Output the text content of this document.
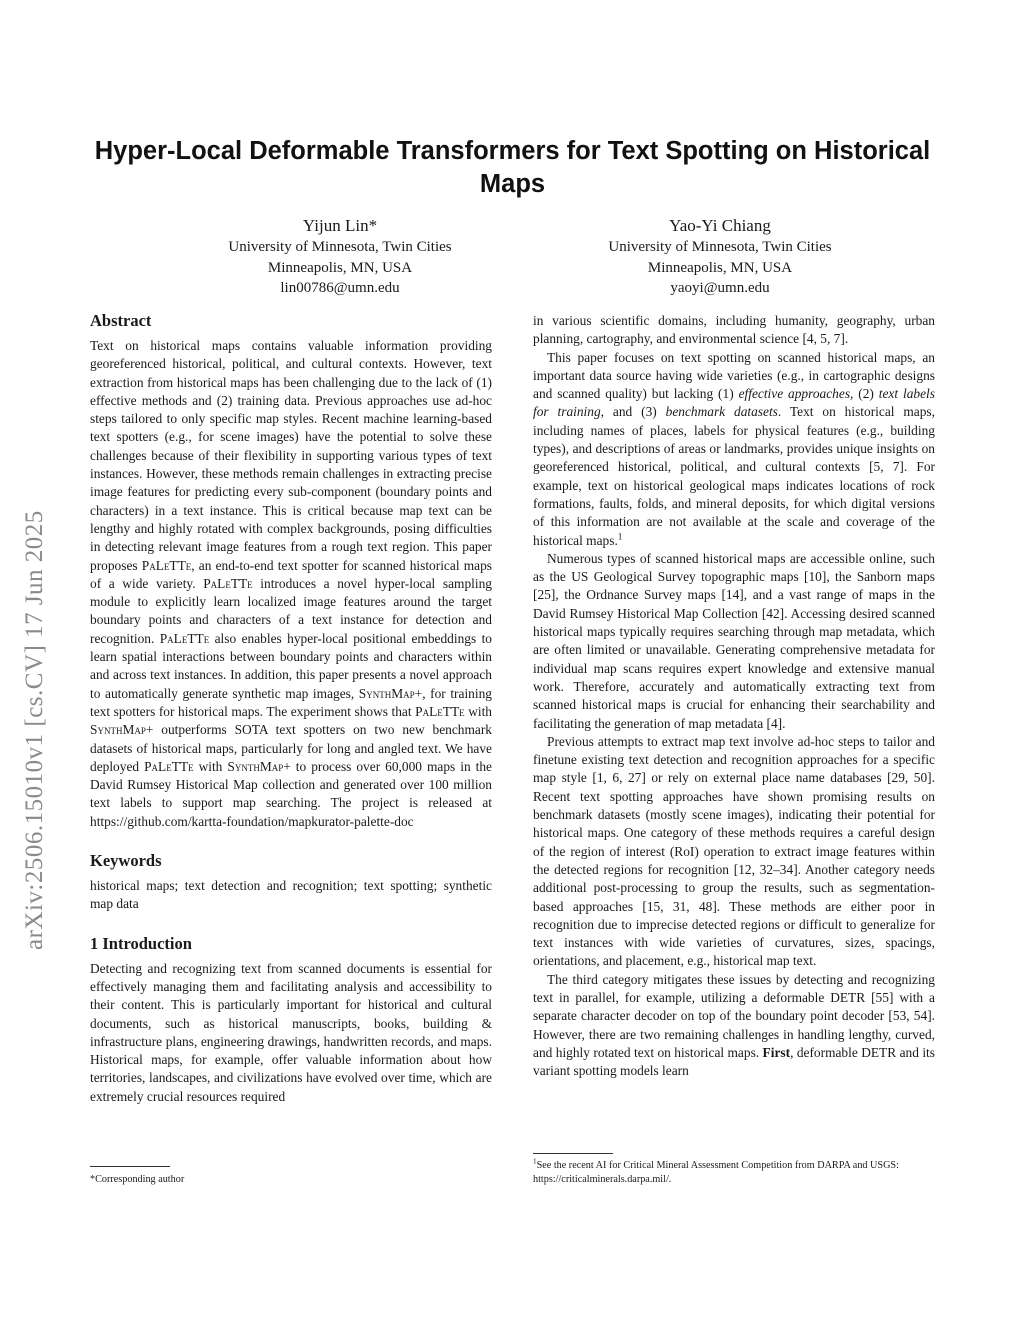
arXiv:2506.15010v1 [cs.CV] 17 Jun 2025
Hyper-Local Deformable Transformers for Text Spotting on Historical Maps
Yijun Lin*
University of Minnesota, Twin Cities
Minneapolis, MN, USA
lin00786@umn.edu
Yao-Yi Chiang
University of Minnesota, Twin Cities
Minneapolis, MN, USA
yaoyi@umn.edu
Abstract

Text on historical maps contains valuable information providing georeferenced historical, political, and cultural contexts. However, text extraction from historical maps has been challenging due to the lack of (1) effective methods and (2) training data. Previous approaches use ad-hoc steps tailored to only specific map styles. Recent machine learning-based text spotters (e.g., for scene images) have the potential to solve these challenges because of their flexibility in supporting various types of text instances. However, these methods remain challenges in extracting precise image features for predicting every sub-component (boundary points and characters) in a text instance. This is critical because map text can be lengthy and highly rotated with complex backgrounds, posing difficulties in detecting relevant image features from a rough text region. This paper proposes PaLeTTe, an end-to-end text spotter for scanned historical maps of a wide variety. PaLeTTe introduces a novel hyper-local sampling module to explicitly learn localized image features around the target boundary points and characters of a text instance for detection and recognition. PaLeTTe also enables hyper-local positional embeddings to learn spatial interactions between boundary points and characters within and across text instances. In addition, this paper presents a novel approach to automatically generate synthetic map images, SynthMap+, for training text spotters for historical maps. The experiment shows that PaLeTTe with SynthMap+ outperforms SOTA text spotters on two new benchmark datasets of historical maps, particularly for long and angled text. We have deployed PaLeTTe with SynthMap+ to process over 60,000 maps in the David Rumsey Historical Map collection and generated over 100 million text labels to support map searching. The project is released at https://github.com/kartta-foundation/mapkurator-palette-doc

Keywords

historical maps; text detection and recognition; text spotting; synthetic map data

1 Introduction

Detecting and recognizing text from scanned documents is essential for effectively managing them and facilitating analysis and accessibility to their content. This is particularly important for historical and cultural documents, such as historical manuscripts, books, building & infrastructure plans, engineering drawings, handwritten records, and maps. Historical maps, for example, offer valuable information about how territories, landscapes, and civilizations have evolved over time, which are extremely crucial resources required

in various scientific domains, including humanity, geography, urban planning, cartography, and environmental science [4, 5, 7].

This paper focuses on text spotting on scanned historical maps, an important data source having wide varieties (e.g., in cartographic designs and scanned quality) but lacking (1) effective approaches, (2) text labels for training, and (3) benchmark datasets. Text on historical maps, including names of places, labels for physical features (e.g., building types), and descriptions of areas or landmarks, provides unique insights on georeferenced historical, political, and cultural contexts [5, 7]. For example, text on historical geological maps indicates locations of rock formations, faults, folds, and mineral deposits, for which digital versions of this information are not available at the scale and coverage of the historical maps.$^1$

Numerous types of scanned historical maps are accessible online, such as the US Geological Survey topographic maps [10], the Sanborn maps [25], the Ordnance Survey maps [14], and a vast range of maps in the David Rumsey Historical Map Collection [42]. Accessing desired scanned historical maps typically requires searching through map metadata, which are often limited or unavailable. Generating comprehensive metadata for individual map scans requires expert knowledge and extensive manual work. Therefore, accurately and automatically extracting text from scanned historical maps is crucial for enhancing their searchability and facilitating the generation of map metadata [4].

Previous attempts to extract map text involve ad-hoc steps to tailor and finetune existing text detection and recognition approaches for a specific map style [1, 6, 27] or rely on external place name databases [29, 50]. Recent text spotting approaches have shown promising results on benchmark datasets (mostly scene images), indicating their potential for historical maps. One category of these methods requires a careful design of the region of interest (RoI) operation to extract image features within the detected regions for recognition [12, 32–34]. Another category needs additional post-processing to group the results, such as segmentation-based approaches [15, 31, 48]. These methods are either poor in recognition due to imprecise detected regions or difficult to generalize for text instances with wide varieties of curvatures, sizes, spacings, orientations, and placement, e.g., historical map text.

The third category mitigates these issues by detecting and recognizing text in parallel, for example, utilizing a deformable DETR [55] with a separate character decoder on top of the boundary point decoder [53, 54]. However, there are two remaining challenges in handling lengthy, curved, and highly rotated text on historical maps. First, deformable DETR and its variant spotting models learn

*Corresponding author
$^1$See the recent AI for Critical Mineral Assessment Competition from DARPA and USGS: https://criticalminerals.darpa.mil/.
